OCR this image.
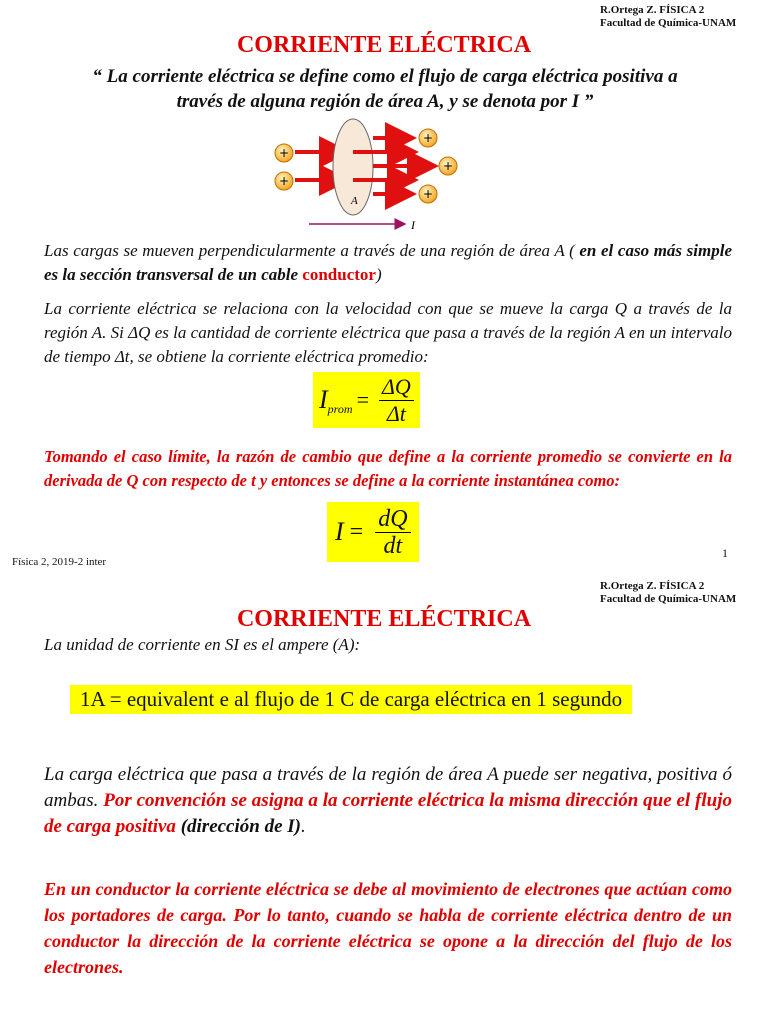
R.Ortega Z. FÍSICA 2
Facultad de Química-UNAM
CORRIENTE ELÉCTRICA
“ La corriente eléctrica se define como el flujo de carga eléctrica positiva a
través de alguna región de área A, y se denota por I ”
+
+
+
+
+
A
I
Las cargas se mueven perpendicularmente a través de una región de área A ( en el caso más simple es la sección transversal de un cable conductor)
La corriente eléctrica se relaciona con la velocidad con que se mueve la carga Q a través de la región A. Si ΔQ es la cantidad de corriente eléctrica que pasa a través de la región A en un intervalo de tiempo Δt, se obtiene la corriente eléctrica promedio:
$I_{prom} = \frac{\Delta Q}{\Delta t}$
Tomando el caso límite, la razón de cambio que define a la corriente promedio se convierte en la derivada de Q con respecto de t y entonces se define a la corriente instantánea como:
$I = \frac{dQ}{dt}$
Física 2, 2019-2 inter
1
R.Ortega Z. FÍSICA 2
Facultad de Química-UNAM
CORRIENTE ELÉCTRICA
La unidad de corriente en SI es el ampere (A):
1A = equivalent e al flujo de 1 C de carga eléctrica en 1 segundo
La carga eléctrica que pasa a través de la región de área A puede ser negativa, positiva ó ambas. Por convención se asigna a la corriente eléctrica la misma dirección que el flujo de carga positiva (dirección de I).
En un conductor la corriente eléctrica se debe al movimiento de electrones que actúan como los portadores de carga. Por lo tanto, cuando se habla de corriente eléctrica dentro de un conductor la dirección de la corriente eléctrica se opone a la dirección del flujo de los electrones.
